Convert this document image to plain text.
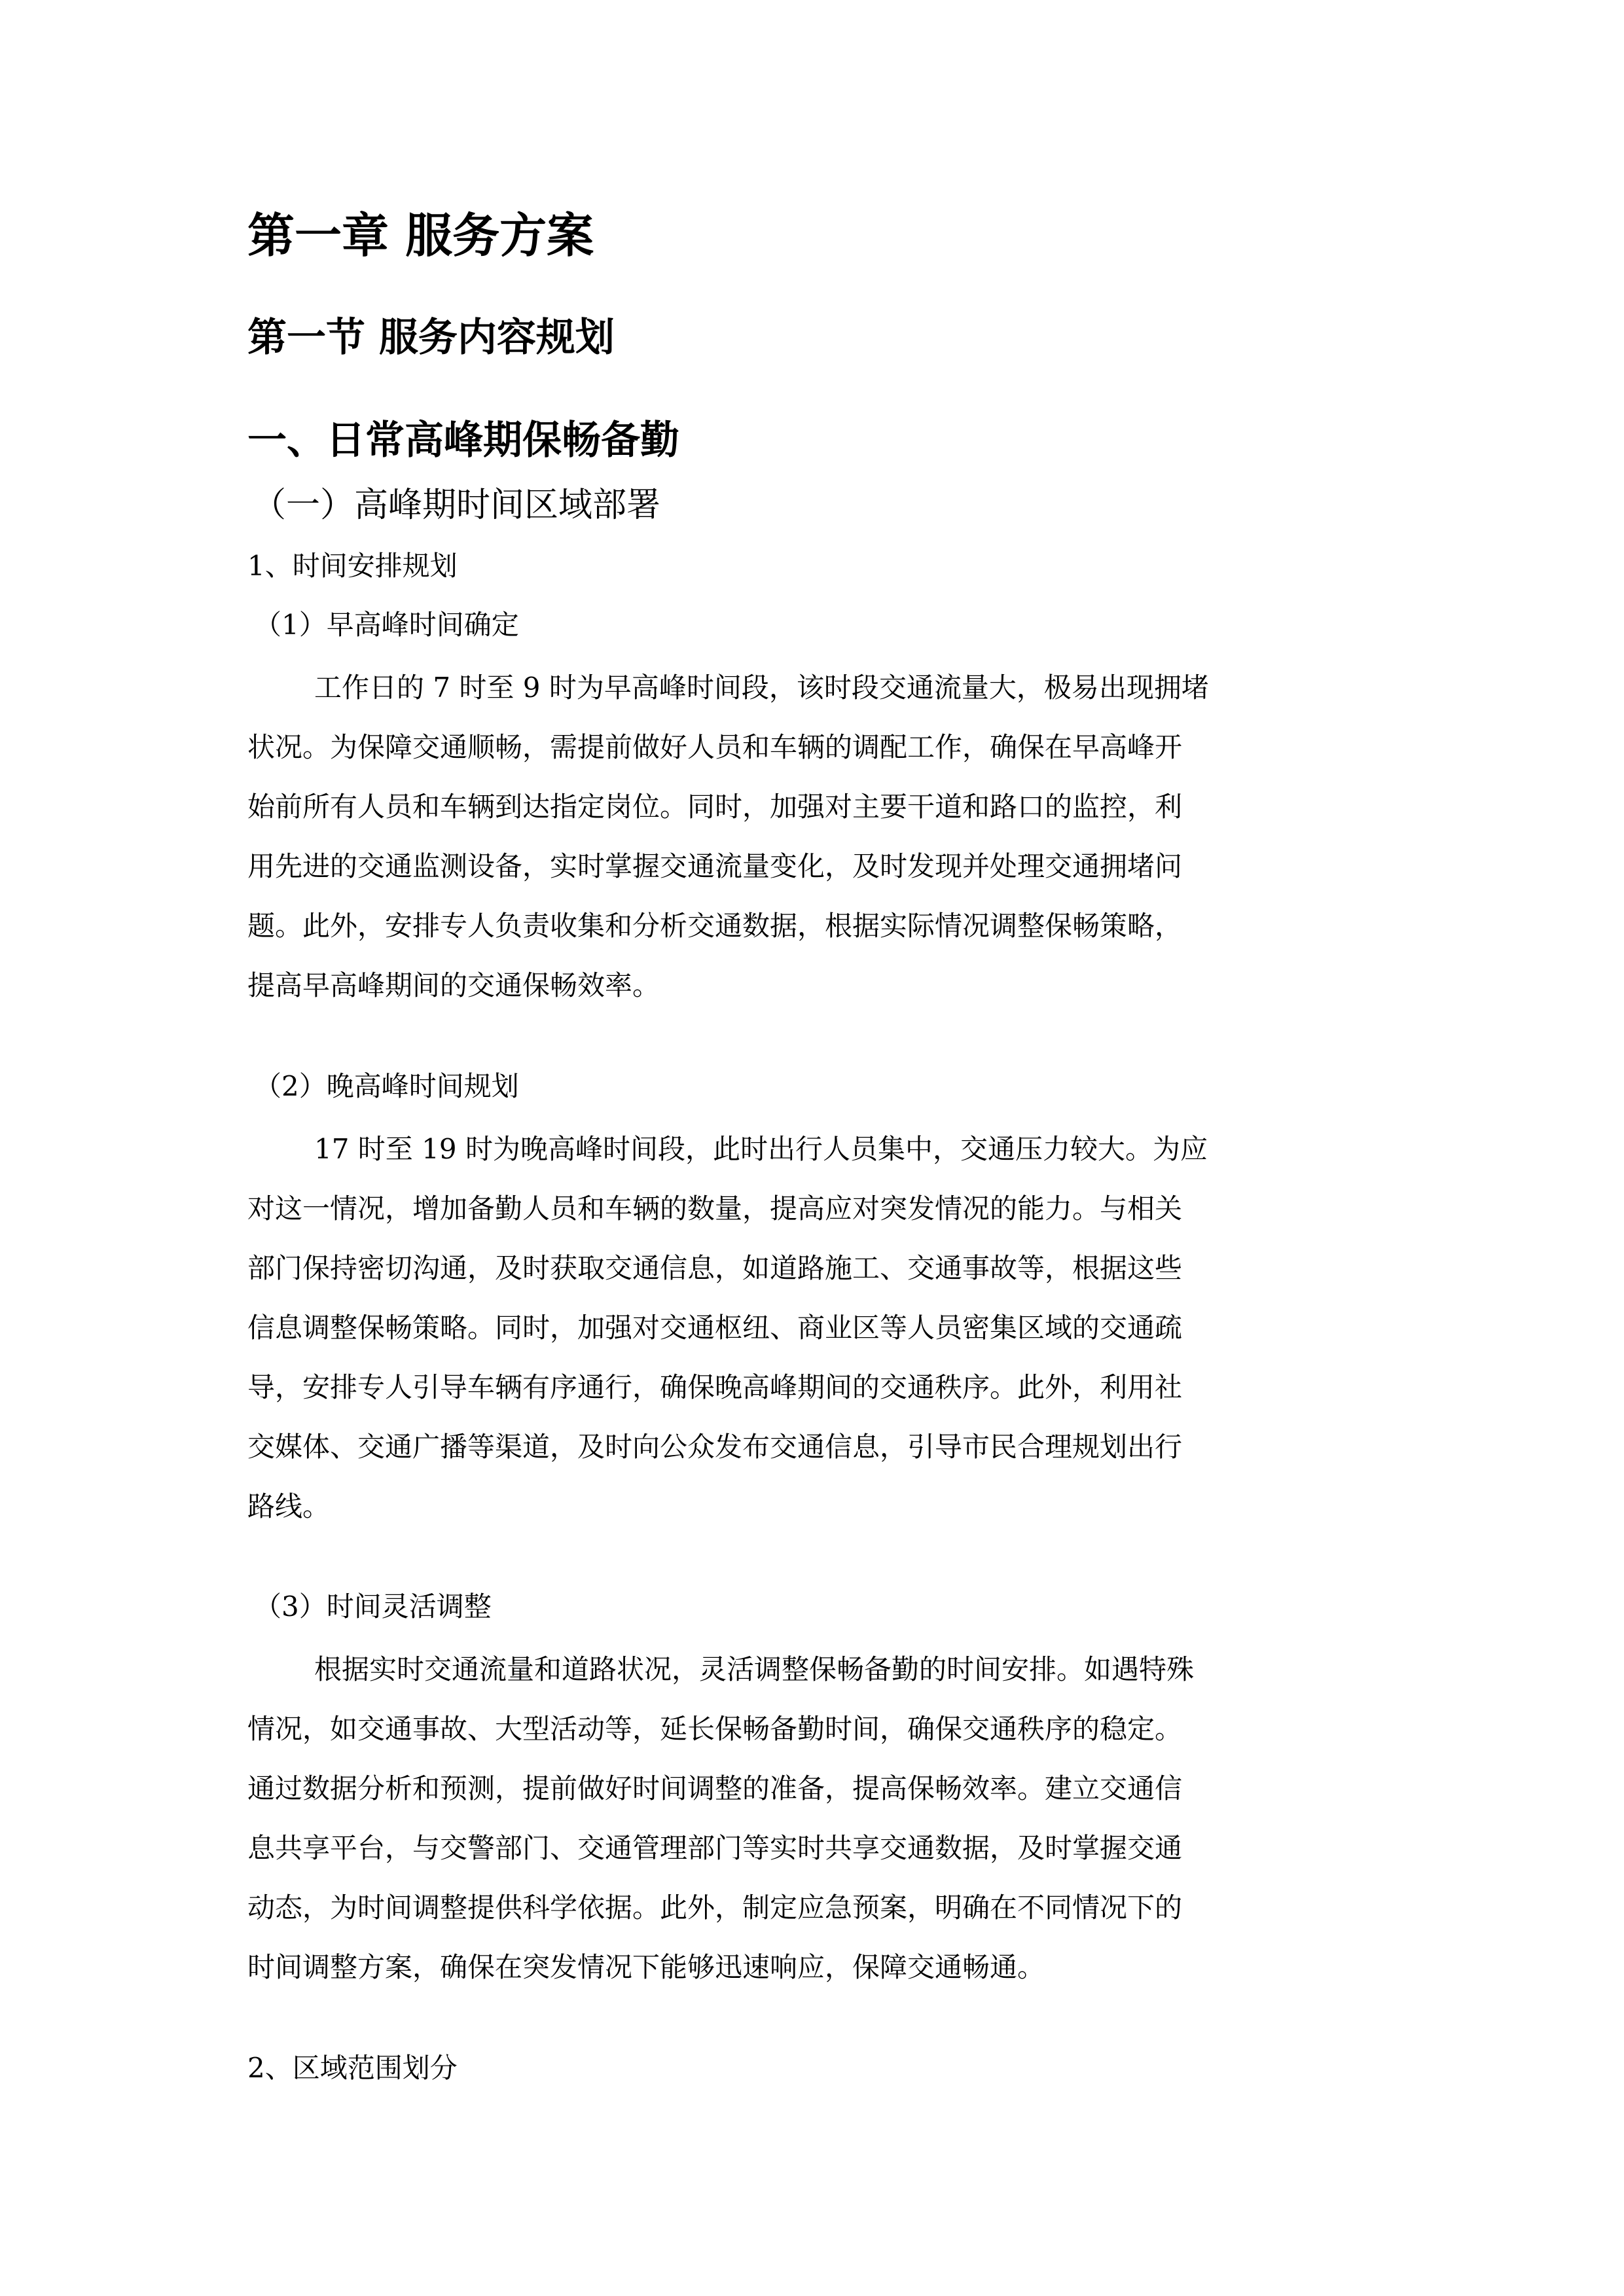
第一章 服务方案
第一节 服务内容规划
一、日常高峰期保畅备勤
（一）高峰期时间区域部署
1、时间安排规划
（1）早高峰时间确定
工作日的 7 时至 9 时为早高峰时间段，该时段交通流量大，极易出现拥堵
状况。为保障交通顺畅，需提前做好人员和车辆的调配工作，确保在早高峰开
始前所有人员和车辆到达指定岗位。同时，加强对主要干道和路口的监控，利
用先进的交通监测设备，实时掌握交通流量变化，及时发现并处理交通拥堵问
题。此外，安排专人负责收集和分析交通数据，根据实际情况调整保畅策略，
提高早高峰期间的交通保畅效率。
（2）晚高峰时间规划
17 时至 19 时为晚高峰时间段，此时出行人员集中，交通压力较大。为应
对这一情况，增加备勤人员和车辆的数量，提高应对突发情况的能力。与相关
部门保持密切沟通，及时获取交通信息，如道路施工、交通事故等，根据这些
信息调整保畅策略。同时，加强对交通枢纽、商业区等人员密集区域的交通疏
导，安排专人引导车辆有序通行，确保晚高峰期间的交通秩序。此外，利用社
交媒体、交通广播等渠道，及时向公众发布交通信息，引导市民合理规划出行
路线。
（3）时间灵活调整
根据实时交通流量和道路状况，灵活调整保畅备勤的时间安排。如遇特殊
情况，如交通事故、大型活动等，延长保畅备勤时间，确保交通秩序的稳定。
通过数据分析和预测，提前做好时间调整的准备，提高保畅效率。建立交通信
息共享平台，与交警部门、交通管理部门等实时共享交通数据，及时掌握交通
动态，为时间调整提供科学依据。此外，制定应急预案，明确在不同情况下的
时间调整方案，确保在突发情况下能够迅速响应，保障交通畅通。
2、区域范围划分
